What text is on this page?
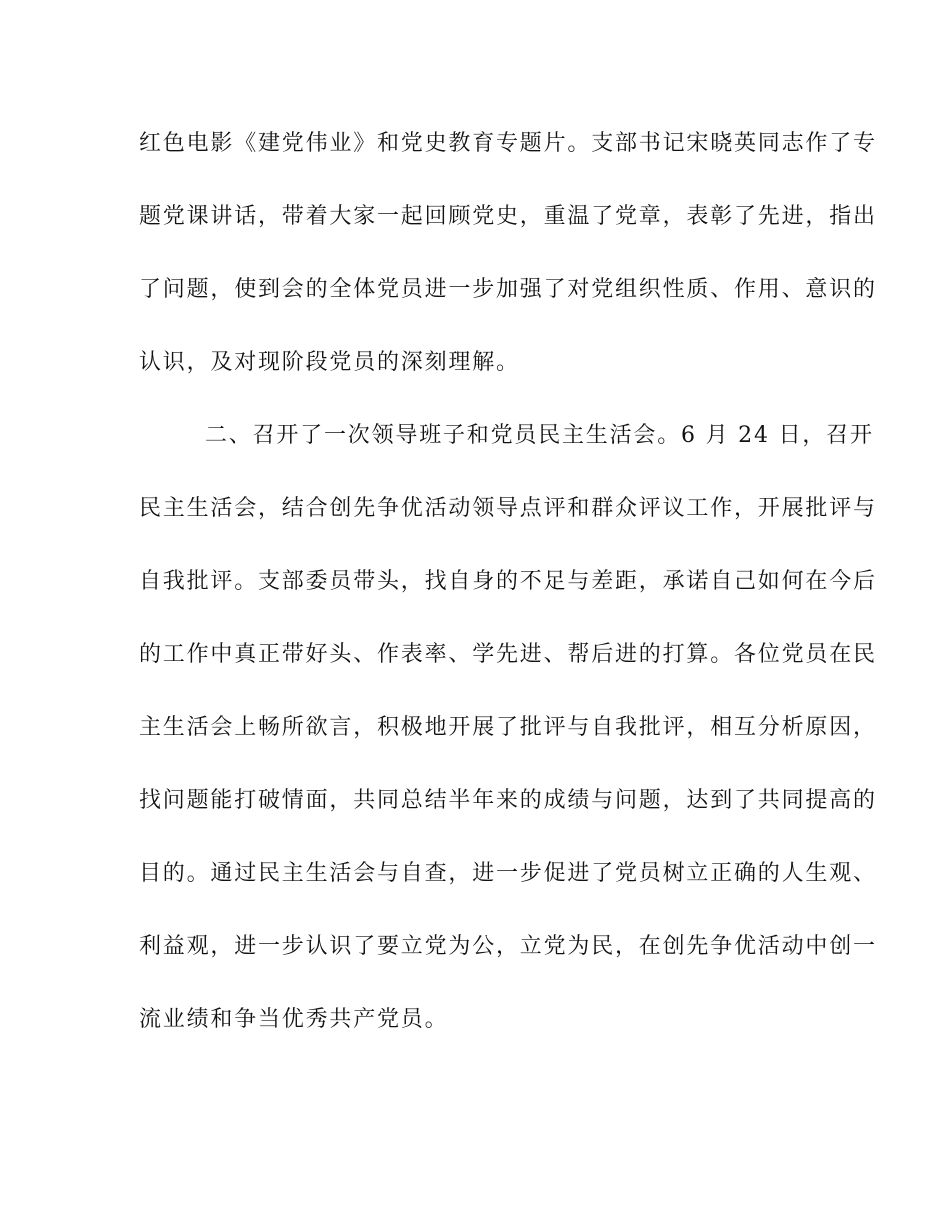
红色电影《建党伟业》和党史教育专题片。支部书记宋晓英同志作了专
题党课讲话，带着大家一起回顾党史，重温了党章，表彰了先进，指出
了问题，使到会的全体党员进一步加强了对党组织性质、作用、意识的
认识，及对现阶段党员的深刻理解。
二、召开了一次领导班子和党员民主生活会。6 月 24 日，召开
民主生活会，结合创先争优活动领导点评和群众评议工作，开展批评与
自我批评。支部委员带头，找自身的不足与差距，承诺自己如何在今后
的工作中真正带好头、作表率、学先进、帮后进的打算。各位党员在民
主生活会上畅所欲言，积极地开展了批评与自我批评，相互分析原因，
找问题能打破情面，共同总结半年来的成绩与问题，达到了共同提高的
目的。通过民主生活会与自查，进一步促进了党员树立正确的人生观、
利益观，进一步认识了要立党为公，立党为民，在创先争优活动中创一
流业绩和争当优秀共产党员。
